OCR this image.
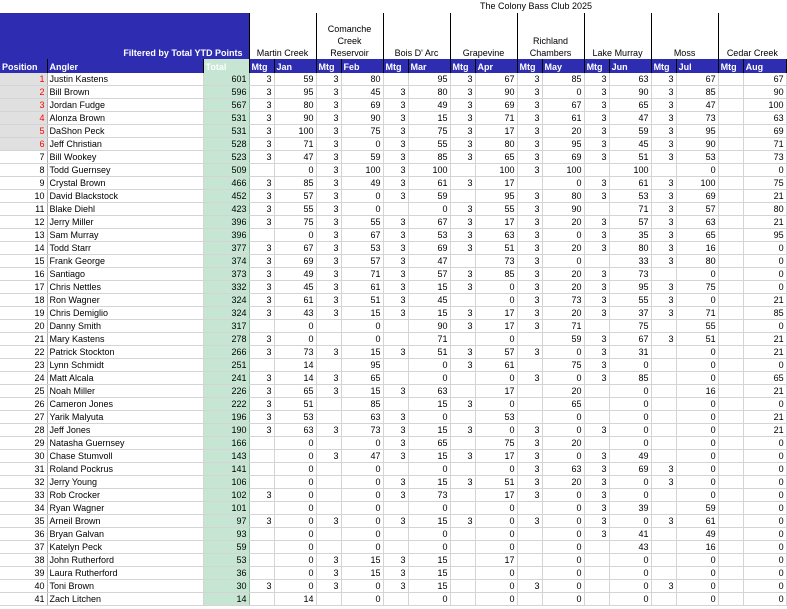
The Colony Bass Club 2025
Filtered by Total YTD Points			Martin Creek		Comanche Creek Reservoir		Bois D' Arc		Grapevine		Richland Chambers		Lake Murray		Moss		Cedar Creek	
Position	Angler	Total	Mtg	Jan	Mtg	Feb	Mtg	Mar	Mtg	Apr	Mtg	May	Mtg	Jun	Mtg	Jul	Mtg	Aug
1	Justin Kastens	601	3	59	3	80		95	3	67	3	85	3	63	3	67		67
2	Bill Brown	596	3	95	3	45	3	80	3	90	3	0	3	90	3	85		90
3	Jordan Fudge	567	3	80	3	69	3	49	3	69	3	67	3	65	3	47		100
4	Alonza Brown	531	3	90	3	90	3	15	3	71	3	61	3	47	3	73		63
5	DaShon Peck	531	3	100	3	75	3	75	3	17	3	20	3	59	3	95		69
6	Jeff Christian	528	3	71	3	0	3	55	3	80	3	95	3	45	3	90		71
7	Bill Wookey	523	3	47	3	59	3	85	3	65	3	69	3	51	3	53		73
8	Todd Guernsey	509		0	3	100	3	100		100	3	100		100		0		0
9	Crystal Brown	466	3	85	3	49	3	61	3	17		0	3	61	3	100		75
10	David Blackstock	452	3	57	3	0	3	59		95	3	80	3	53	3	69		21
11	Blake Diehl	423	3	55	3	0		0	3	55	3	90		71	3	57		80
12	Jerry Miller	396	3	75	3	55	3	67	3	17	3	20	3	57	3	63		21
13	Sam Murray	396		0	3	67	3	53	3	63	3	0	3	35	3	65		95
14	Todd Starr	377	3	67	3	53	3	69	3	51	3	20	3	80	3	16		0
15	Frank George	374	3	69	3	57	3	47		73	3	0		33	3	80		0
16	Santiago	373	3	49	3	71	3	57	3	85	3	20	3	73		0		0
17	Chris Nettles	332	3	45	3	61	3	15	3	0	3	20	3	95	3	75		0
18	Ron Wagner	324	3	61	3	51	3	45		0	3	73	3	55	3	0		21
19	Chris Demiglio	324	3	43	3	15	3	15	3	17	3	20	3	37	3	71		85
20	Danny Smith	317		0		0		90	3	17	3	71		75		55		0
21	Mary Kastens	278	3	0		0		71		0		59	3	67	3	51		21
22	Patrick Stockton	266	3	73	3	15	3	51	3	57	3	0	3	31		0		21
23	Lynn Schmidt	251		14		95		0	3	61		75	3	0		0		0
24	Matt Alcala	241	3	14	3	65		0		0	3	0	3	85		0		65
25	Noah Miller	226	3	65	3	15	3	63		17		20		0		16		21
26	Cameron Jones	222	3	51		85		15	3	0		65		0		0		0
27	Yarik Malyuta	196	3	53		63	3	0		53		0		0		0		21
28	Jeff Jones	190	3	63	3	73	3	15	3	0	3	0	3	0		0		21
29	Natasha Guernsey	166		0		0	3	65		75	3	20		0		0		0
30	Chase Stumvoll	143		0	3	47	3	15	3	17	3	0	3	49		0		0
31	Roland Pockrus	141		0		0		0		0	3	63	3	69	3	0		0
32	Jerry Young	106		0		0	3	15	3	51	3	20	3	0	3	0		0
33	Rob Crocker	102	3	0		0	3	73		17	3	0	3	0		0		0
34	Ryan Wagner	101		0		0		0		0		0	3	39		59		0
35	Arneil Brown	97	3	0	3	0	3	15	3	0	3	0	3	0	3	61		0
36	Bryan Galvan	93		0		0		0		0		0	3	41		49		0
37	Katelyn Peck	59		0		0		0		0		0		43		16		0
38	John Rutherford	53		0	3	15	3	15		17		0		0		0		0
39	Laura Rutherford	36		0	3	15	3	15		0		0		0		0		0
40	Toni Brown	30	3	0	3	0	3	15		0	3	0		0	3	0		0
41	Zach Litchen	14		14		0		0		0		0		0		0		0
